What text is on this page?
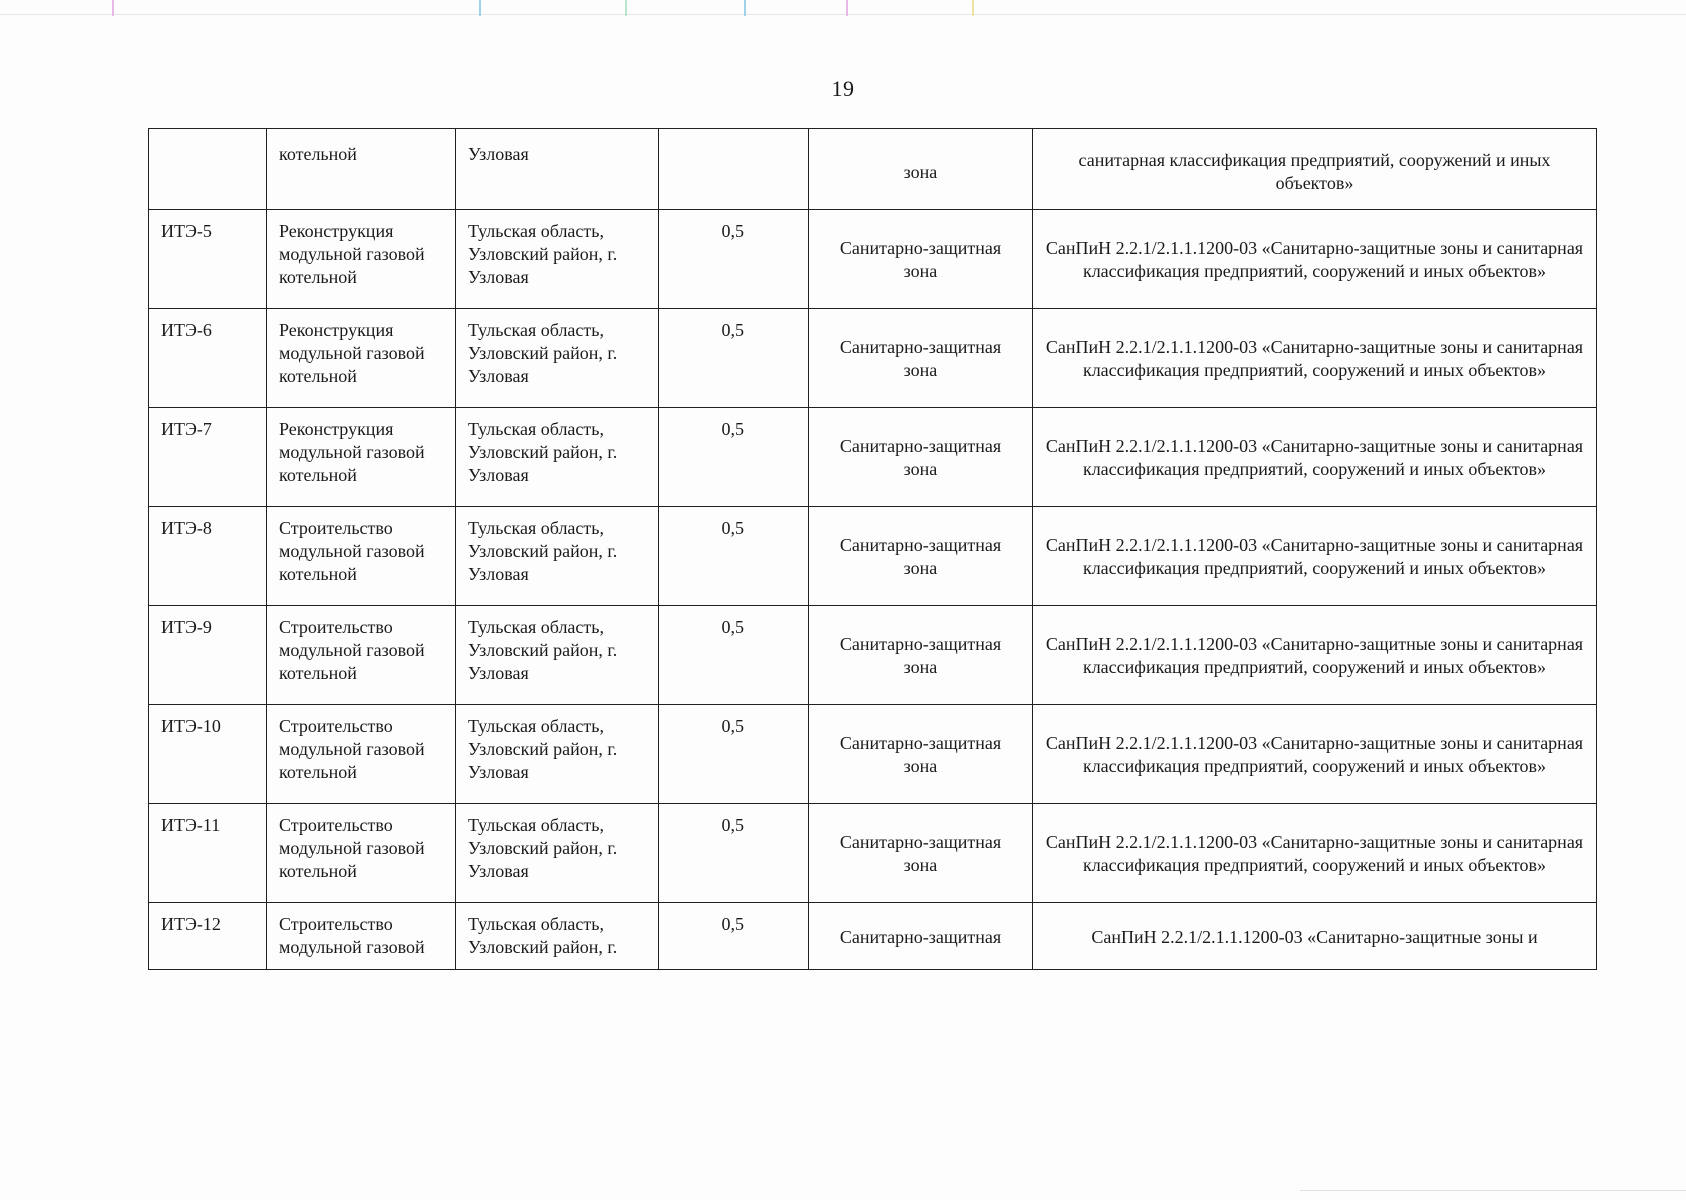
19
	котельной	Узловая		зона	санитарная классификация предприятий, сооружений и иных объектов»
ИТЭ-5	Реконструкция модульной газовой котельной	Тульская область, Узловский район, г. Узловая	0,5	Санитарно-защитная зона	СанПиН 2.2.1/2.1.1.1200-03 «Санитарно-защитные зоны и санитарная классификация предприятий, сооружений и иных объектов»
ИТЭ-6	Реконструкция модульной газовой котельной	Тульская область, Узловский район, г. Узловая	0,5	Санитарно-защитная зона	СанПиН 2.2.1/2.1.1.1200-03 «Санитарно-защитные зоны и санитарная классификация предприятий, сооружений и иных объектов»
ИТЭ-7	Реконструкция модульной газовой котельной	Тульская область, Узловский район, г. Узловая	0,5	Санитарно-защитная зона	СанПиН 2.2.1/2.1.1.1200-03 «Санитарно-защитные зоны и санитарная классификация предприятий, сооружений и иных объектов»
ИТЭ-8	Строительство модульной газовой котельной	Тульская область, Узловский район, г. Узловая	0,5	Санитарно-защитная зона	СанПиН 2.2.1/2.1.1.1200-03 «Санитарно-защитные зоны и санитарная классификация предприятий, сооружений и иных объектов»
ИТЭ-9	Строительство модульной газовой котельной	Тульская область, Узловский район, г. Узловая	0,5	Санитарно-защитная зона	СанПиН 2.2.1/2.1.1.1200-03 «Санитарно-защитные зоны и санитарная классификация предприятий, сооружений и иных объектов»
ИТЭ-10	Строительство модульной газовой котельной	Тульская область, Узловский район, г. Узловая	0,5	Санитарно-защитная зона	СанПиН 2.2.1/2.1.1.1200-03 «Санитарно-защитные зоны и санитарная классификация предприятий, сооружений и иных объектов»
ИТЭ-11	Строительство модульной газовой котельной	Тульская область, Узловский район, г. Узловая	0,5	Санитарно-защитная зона	СанПиН 2.2.1/2.1.1.1200-03 «Санитарно-защитные зоны и санитарная классификация предприятий, сооружений и иных объектов»
ИТЭ-12	Строительство модульной газовой	Тульская область, Узловский район, г.	0,5	Санитарно-защитная	СанПиН 2.2.1/2.1.1.1200-03 «Санитарно-защитные зоны и
